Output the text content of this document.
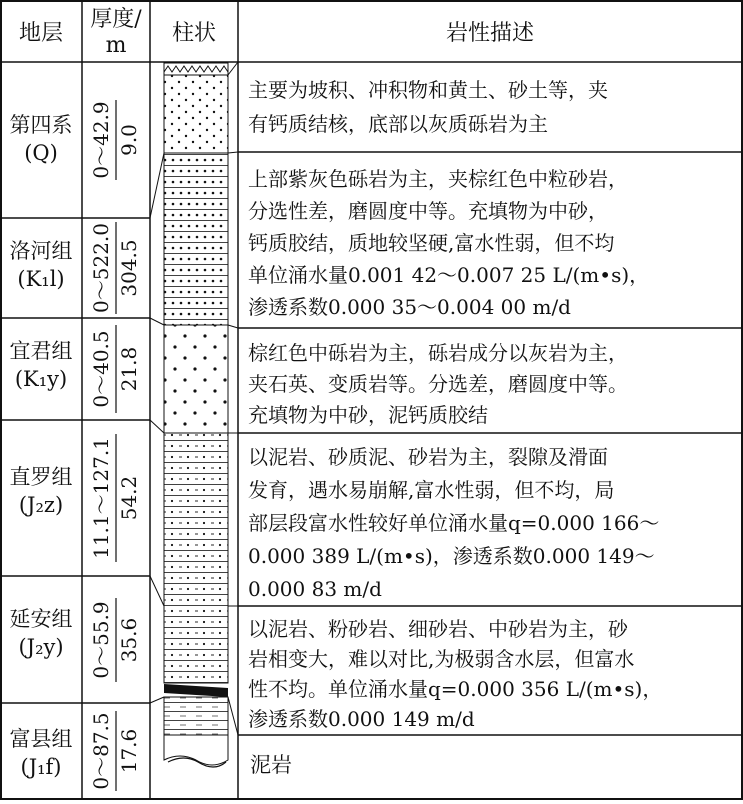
地层
厚度/
m 柱状	岩性描述
第四系
(Q)
洛河组
(K₁l)
宜君组
(K₁y)
直罗组
(J₂z)
延安组
(J₂y)
富县组
(J₁f)
0～42.9 9.0
0～522.0 304.5
0～40.5 21.8
11.1～127.1 54.2
0～55.9 35.6
0～87.5 17.6
主要为坡积、冲积物和黄土、砂土等，夹
有钙质结核，底部以灰质砾岩为主
上部紫灰色砾岩为主，夹棕红色中粒砂岩，
分选性差，磨圆度中等。充填物为中砂，
钙质胶结，质地较坚硬,富水性弱，但不均
单位涌水量0.001 42～0.007 25 L/(m•s)，
渗透系数0.000 35～0.004 00 m/d
棕红色中砾岩为主，砾岩成分以灰岩为主，
夹石英、变质岩等。分选差，磨圆度中等。
充填物为中砂，泥钙质胶结
以泥岩、砂质泥、砂岩为主，裂隙及滑面
发育，遇水易崩解,富水性弱，但不均，局
部层段富水性较好单位涌水量q=0.000 166～
0.000 389 L/(m•s)，渗透系数0.000 149～
0.000 83 m/d
以泥岩、粉砂岩、细砂岩、中砂岩为主，砂
岩相变大，难以对比,为极弱含水层，但富水
性不均。单位涌水量q=0.000 356 L/(m•s)，
渗透系数0.000 149 m/d
泥岩
